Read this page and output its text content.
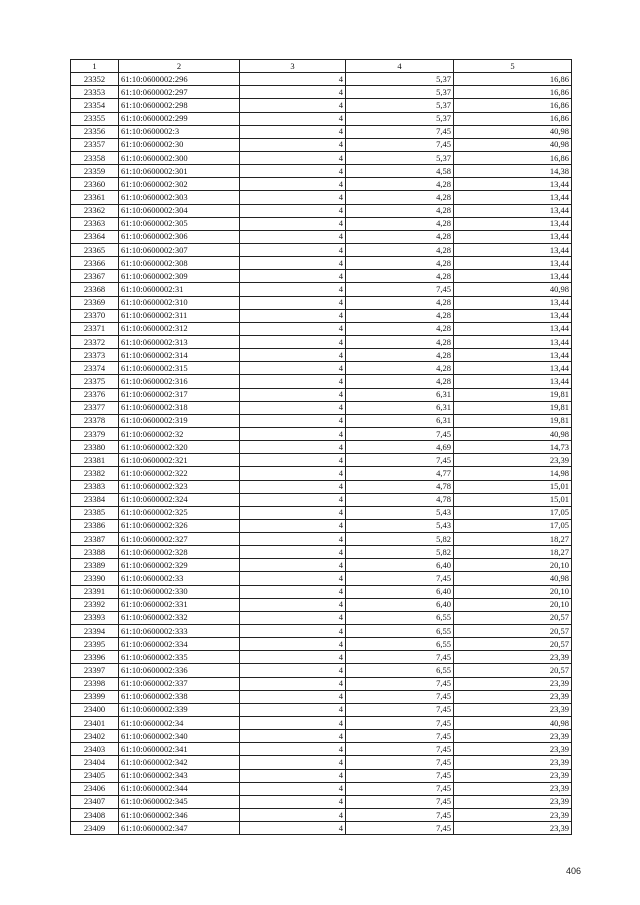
1	2	3	4	5
23352	61:10:0600002:296	4	5,37	16,86
23353	61:10:0600002:297	4	5,37	16,86
23354	61:10:0600002:298	4	5,37	16,86
23355	61:10:0600002:299	4	5,37	16,86
23356	61:10:0600002:3	4	7,45	40,98
23357	61:10:0600002:30	4	7,45	40,98
23358	61:10:0600002:300	4	5,37	16,86
23359	61:10:0600002:301	4	4,58	14,38
23360	61:10:0600002:302	4	4,28	13,44
23361	61:10:0600002:303	4	4,28	13,44
23362	61:10:0600002:304	4	4,28	13,44
23363	61:10:0600002:305	4	4,28	13,44
23364	61:10:0600002:306	4	4,28	13,44
23365	61:10:0600002:307	4	4,28	13,44
23366	61:10:0600002:308	4	4,28	13,44
23367	61:10:0600002:309	4	4,28	13,44
23368	61:10:0600002:31	4	7,45	40,98
23369	61:10:0600002:310	4	4,28	13,44
23370	61:10:0600002:311	4	4,28	13,44
23371	61:10:0600002:312	4	4,28	13,44
23372	61:10:0600002:313	4	4,28	13,44
23373	61:10:0600002:314	4	4,28	13,44
23374	61:10:0600002:315	4	4,28	13,44
23375	61:10:0600002:316	4	4,28	13,44
23376	61:10:0600002:317	4	6,31	19,81
23377	61:10:0600002:318	4	6,31	19,81
23378	61:10:0600002:319	4	6,31	19,81
23379	61:10:0600002:32	4	7,45	40,98
23380	61:10:0600002:320	4	4,69	14,73
23381	61:10:0600002:321	4	7,45	23,39
23382	61:10:0600002:322	4	4,77	14,98
23383	61:10:0600002:323	4	4,78	15,01
23384	61:10:0600002:324	4	4,78	15,01
23385	61:10:0600002:325	4	5,43	17,05
23386	61:10:0600002:326	4	5,43	17,05
23387	61:10:0600002:327	4	5,82	18,27
23388	61:10:0600002:328	4	5,82	18,27
23389	61:10:0600002:329	4	6,40	20,10
23390	61:10:0600002:33	4	7,45	40,98
23391	61:10:0600002:330	4	6,40	20,10
23392	61:10:0600002:331	4	6,40	20,10
23393	61:10:0600002:332	4	6,55	20,57
23394	61:10:0600002:333	4	6,55	20,57
23395	61:10:0600002:334	4	6,55	20,57
23396	61:10:0600002:335	4	7,45	23,39
23397	61:10:0600002:336	4	6,55	20,57
23398	61:10:0600002:337	4	7,45	23,39
23399	61:10:0600002:338	4	7,45	23,39
23400	61:10:0600002:339	4	7,45	23,39
23401	61:10:0600002:34	4	7,45	40,98
23402	61:10:0600002:340	4	7,45	23,39
23403	61:10:0600002:341	4	7,45	23,39
23404	61:10:0600002:342	4	7,45	23,39
23405	61:10:0600002:343	4	7,45	23,39
23406	61:10:0600002:344	4	7,45	23,39
23407	61:10:0600002:345	4	7,45	23,39
23408	61:10:0600002:346	4	7,45	23,39
23409	61:10:0600002:347	4	7,45	23,39
406
